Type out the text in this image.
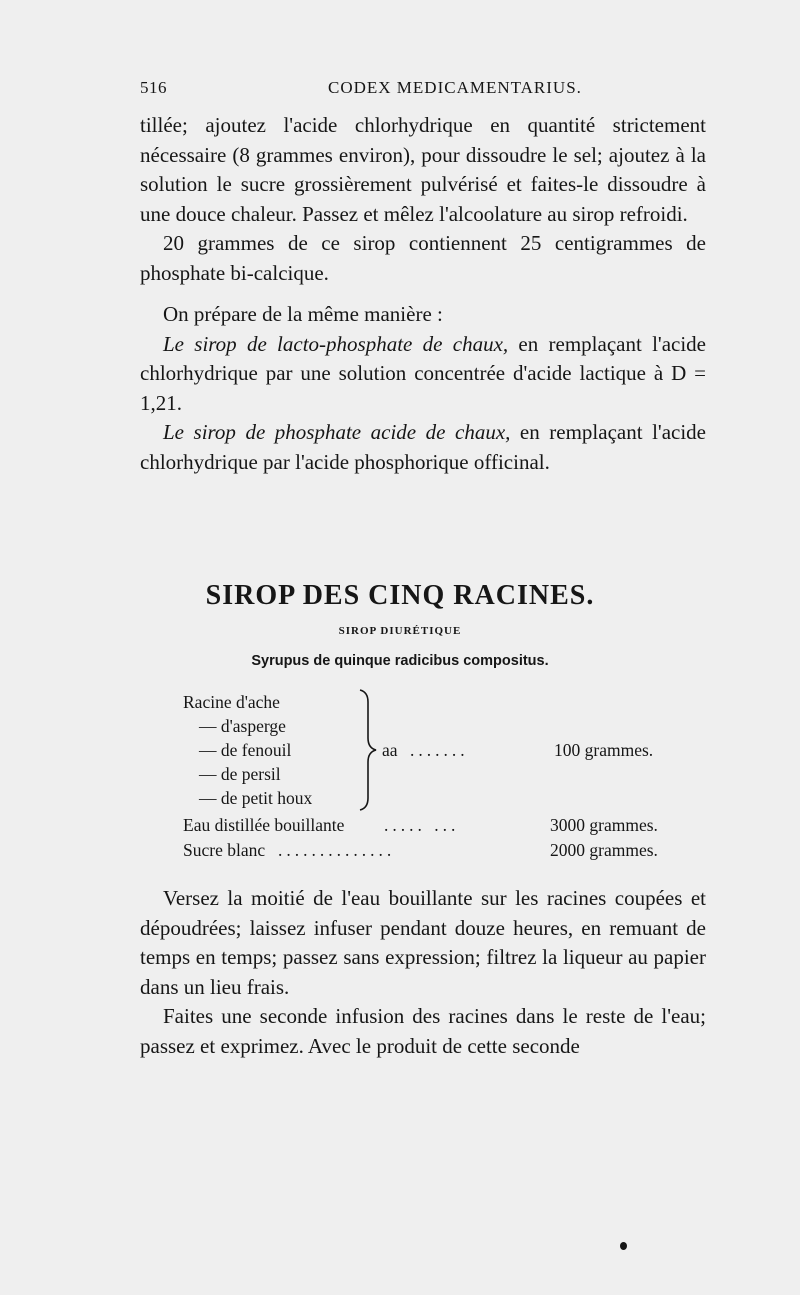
516	CODEX MEDICAMENTARIUS.

tillée; ajoutez l'acide chlorhydrique en quantité strictement nécessaire (8 grammes environ), pour dissoudre le sel; ajoutez à la solution le sucre grossièrement pulvérisé et faites-le dissoudre à une douce chaleur. Passez et mêlez l'alcoolature au sirop refroidi.

20 grammes de ce sirop contiennent 25 centigrammes de phosphate bi-calcique.

On prépare de la même manière :

Le sirop de lacto-phosphate de chaux, en remplaçant l'acide chlorhydrique par une solution concentrée d'acide lactique à D = 1,21.

Le sirop de phosphate acide de chaux, en remplaçant l'acide chlorhydrique par l'acide phosphorique officinal.

SIROP DES CINQ RACINES.
SIROP DIURÉTIQUE
Syrupus de quinque radicibus compositus.
Racine d'ache
— d'asperge
— de fenouil
— de persil
— de petit houx
aa .......	100 grammes.
Eau distillée bouillante ..... ...	3000 grammes.
Sucre blanc ..............	2000 grammes.

Versez la moitié de l'eau bouillante sur les racines coupées et dépoudrées; laissez infuser pendant douze heures, en remuant de temps en temps; passez sans expression; filtrez la liqueur au papier dans un lieu frais.

Faites une seconde infusion des racines dans le reste de l'eau; passez et exprimez. Avec le produit de cette seconde
